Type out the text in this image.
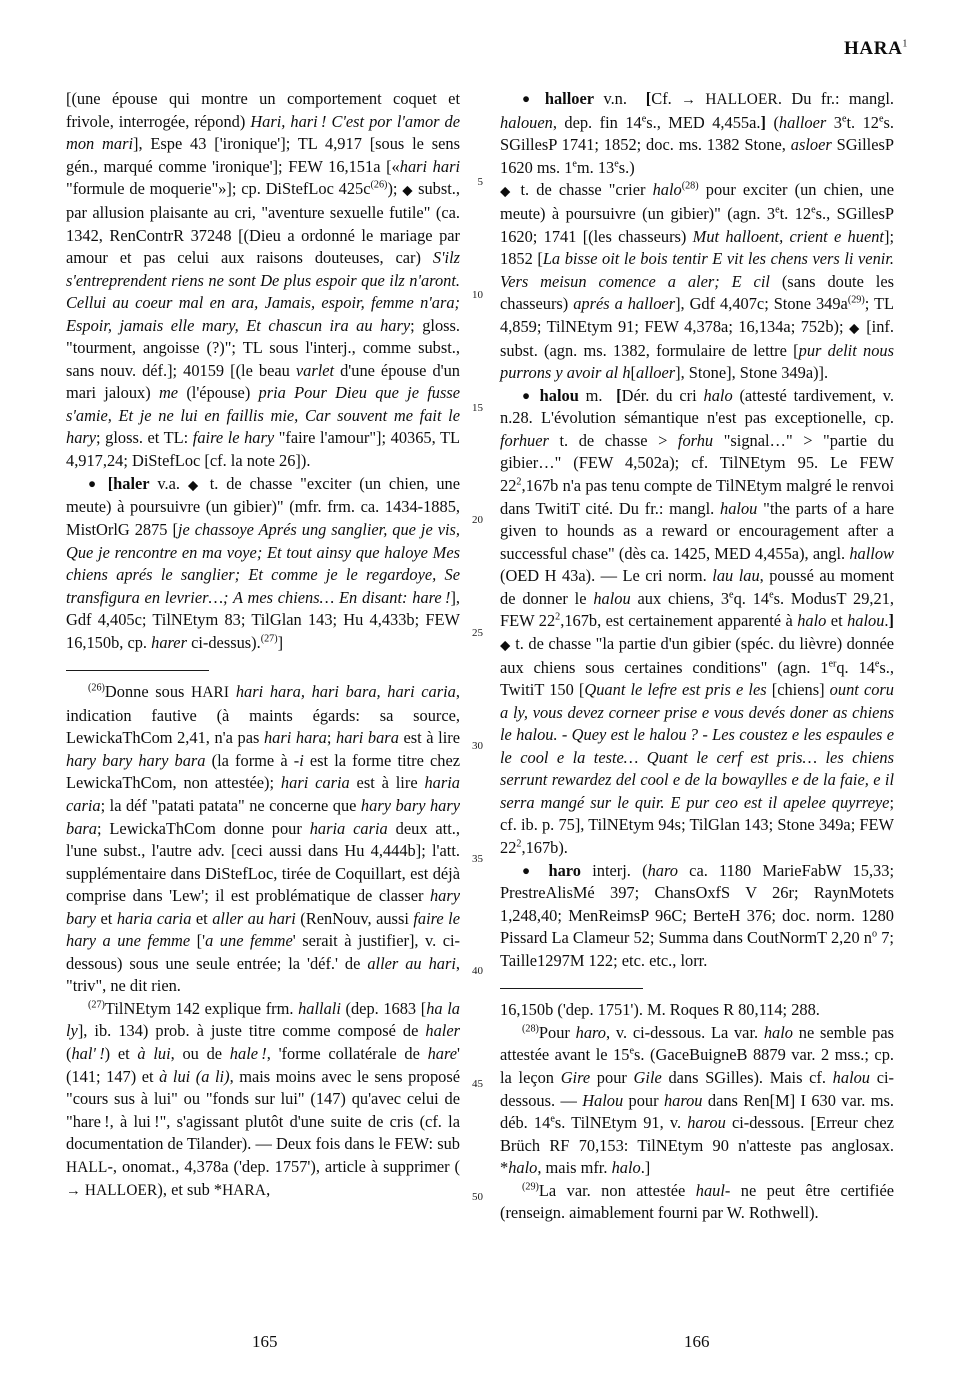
HARA$^1$

[(une épouse qui montre un comportement coquet et frivole, interrogée, répond) Hari, hari ! C'est por l'amor de mon mari], Espe 43 ['ironique']; TL 4,917 [sous le sens gén., marqué comme 'ironique']; FEW 16,151a [«hari hari "formule de moquerie"»]; cp. DiStefLoc $425c^{(26)}$); ◆ subst., par allusion plaisante au cri, "aventure sexuelle futile" (ca. 1342, RenContrR 37248 [(Dieu a ordonné le mariage par amour et pas celui aux raisons douteuses, car) S'ilz s'entreprendent riens ne sont De plus espoir que ilz n'aront. Cellui au coeur mal en ara, Jamais, espoir, femme n'ara; Espoir, jamais elle mary, Et chascun ira au hary; gloss. "tourment, angoisse (?)"; TL sous l'interj., comme subst., sans nouv. déf.]; 40159 [(le beau varlet d'une épouse d'un mari jaloux) me (l'épouse) pria Pour Dieu que je fusse s'amie, Et je ne lui en faillis mie, Car souvent me fait le hary; gloss. et TL: faire le hary "faire l'amour"]; 40365, TL 4,917,24; DiStefLoc [cf. la note 26]).

● [haler v.a. ◆ t. de chasse "exciter (un chien, une meute) à poursuivre (un gibier)" (mfr. frm. ca. 1434-1885, MistOrlG 2875 [je chassoye Aprés ung sanglier, que je vis, Que je rencontre en ma voye; Et tout ainsy que haloye Mes chiens aprés le sanglier; Et comme je le regardoye, Se transfigura en levrier…; A mes chiens… En disant: hare !], Gdf 4,405c; TilNEtym 83; TilGlan 143; Hu 4,433b; FEW 16,150b, cp. harer ci-dessus).$^{(27)}$]

$^{(26)}$Donne sous HARI hari hara, hari bara, hari caria, indication fautive (à maints égards: sa source, LewickaThCom 2,41, n'a pas hari hara; hari bara est à lire hary bary hary bara (la forme à -i est la forme titre chez LewickaThCom, non attestée); hari caria est à lire haria caria; la déf "patati patata" ne concerne que hary bary hary bara; LewickaThCom donne pour haria caria deux att., l'une subst., l'autre adv. [ceci aussi dans Hu 4,444b]; l'att. supplémentaire dans DiStefLoc, tirée de Coquillart, est déjà comprise dans 'Lew'; il est problématique de classer hary bary et haria caria et aller au hari (RenNouv, aussi faire le hary a une femme ['a une femme' serait à justifier], v. ci-dessous) sous une seule entrée; la 'déf.' de aller au hari, "triv", ne dit rien.

$^{(27)}$TilNEtym 142 explique frm. hallali (dep. 1683 [ha la ly], ib. 134) prob. à juste titre comme composé de haler (hal' !) et à lui, ou de hale !, 'forme collatérale de hare' (141; 147) et à lui (a li), mais moins avec le sens proposé "cours sus à lui" ou "fonds sur lui" (147) qu'avec celui de "hare !, à lui !", s'agissant plutôt d'une suite de cris (cf. la documentation de Tilander). — Deux fois dans le FEW: sub HALL-, onomat., 4,378a ('dep. 1757'), article à supprimer ( → HALLOER), et sub *HARA,

● halloer v.n.  [Cf. → HALLOER. Du fr.: mangl. halouen, dep. fin 14es., MED 4,455a.] (halloer 3et. 12es. SGillesP 1741; 1852; doc. ms. 1382 Stone, asloer SGillesP 1620 ms. 1em. 13es.)

◆ t. de chasse "crier halo$^{(28)}$ pour exciter (un chien, une meute) à poursuivre (un gibier)" (agn. 3et. 12es., SGillesP 1620; 1741 [(les chasseurs) Mut halloent, crient e huent]; 1852 [La bisse oit le bois tentir E vit les chens vers li venir. Vers meisun comence a aler; E cil (sans doute les chasseurs) aprés a halloer], Gdf 4,407c; Stone $349a^{(29)}$; TL 4,859; TilNEtym 91; FEW 4,378a; 16,134a; 752b); ◆ [inf. subst. (agn. ms. 1382, formulaire de lettre [pur delit nous purrons y avoir al h[alloer], Stone], Stone 349a)].

● halou m.  [Dér. du cri halo (attesté tardivement, v. n.28. L'évolution sémantique n'est pas exceptionelle, cp. forhuer t. de chasse > forhu "signal…" > "partie du gibier…" (FEW 4,502a); cf. TilNEtym 95. Le FEW $22^2,167b$ n'a pas tenu compte de TilNEtym malgré le renvoi dans TwitiT cité. Du fr.: mangl. halou "the parts of a hare given to hounds as a reward or encouragement after a successful chase" (dès ca. 1425, MED 4,455a), angl. hallow (OED H 43a). — Le cri norm. lau lau, poussé au moment de donner le halou aux chiens, 3eq. 14es. ModusT 29,21, FEW $22^2,167b$, est certainement apparenté à halo et halou.] ◆ t. de chasse "la partie d'un gibier (spéc. du lièvre) donnée aux chiens sous certaines conditions" (agn. 1erq. 14es., TwitiT 150 [Quant le lefre est pris e les [chiens] ount coru a ly, vous devez corneer prise e vous devés doner as chiens le halou. - Quey est le halou ? - Les coustez e les espaules e le cool e la teste… Quant le cerf est pris… les chiens serrunt rewardez del cool e de la bowaylles e de la faie, e il serra mangé sur le quir. E pur ceo est il apelee quyrreye; cf. ib. p. 75], TilNEtym 94s; TilGlan 143; Stone 349a; FEW $22^2,167b$).

● haro interj. (haro ca. 1180 MarieFabW 15,33; PrestreAlisMé 397; ChansOxfS V 26r; RaynMotets 1,248,40; MenReimsP 96C; BerteH 376; doc. norm. 1280 Pissard La Clameur 52; Summa dans CoutNormT 2,20 $n^o$ 7; Taille1297M 122; etc. etc., lorr.

16,150b ('dep. 1751'). M. Roques R 80,114; 288.

$^{(28)}$Pour haro, v. ci-dessous. La var. halo ne semble pas attestée avant le 15es. (GaceBuigneB 8879 var. 2 mss.; cp. la leçon Gire pour Gile dans SGilles). Mais cf. halou ci-dessous. — Halou pour harou dans Ren[M] I 630 var. ms. déb. 14es. TilNEtym 91, v. harou ci-dessous. [Erreur chez Brüch RF 70,153: TilNEtym 90 n'atteste pas anglosax. *halo, mais mfr. halo.]

$^{(29)}$La var. non attestée haul- ne peut être certifiée (renseign. aimablement fourni par W. Rothwell).

5
10
15
20
25
30
35
40
45
50
165	166
